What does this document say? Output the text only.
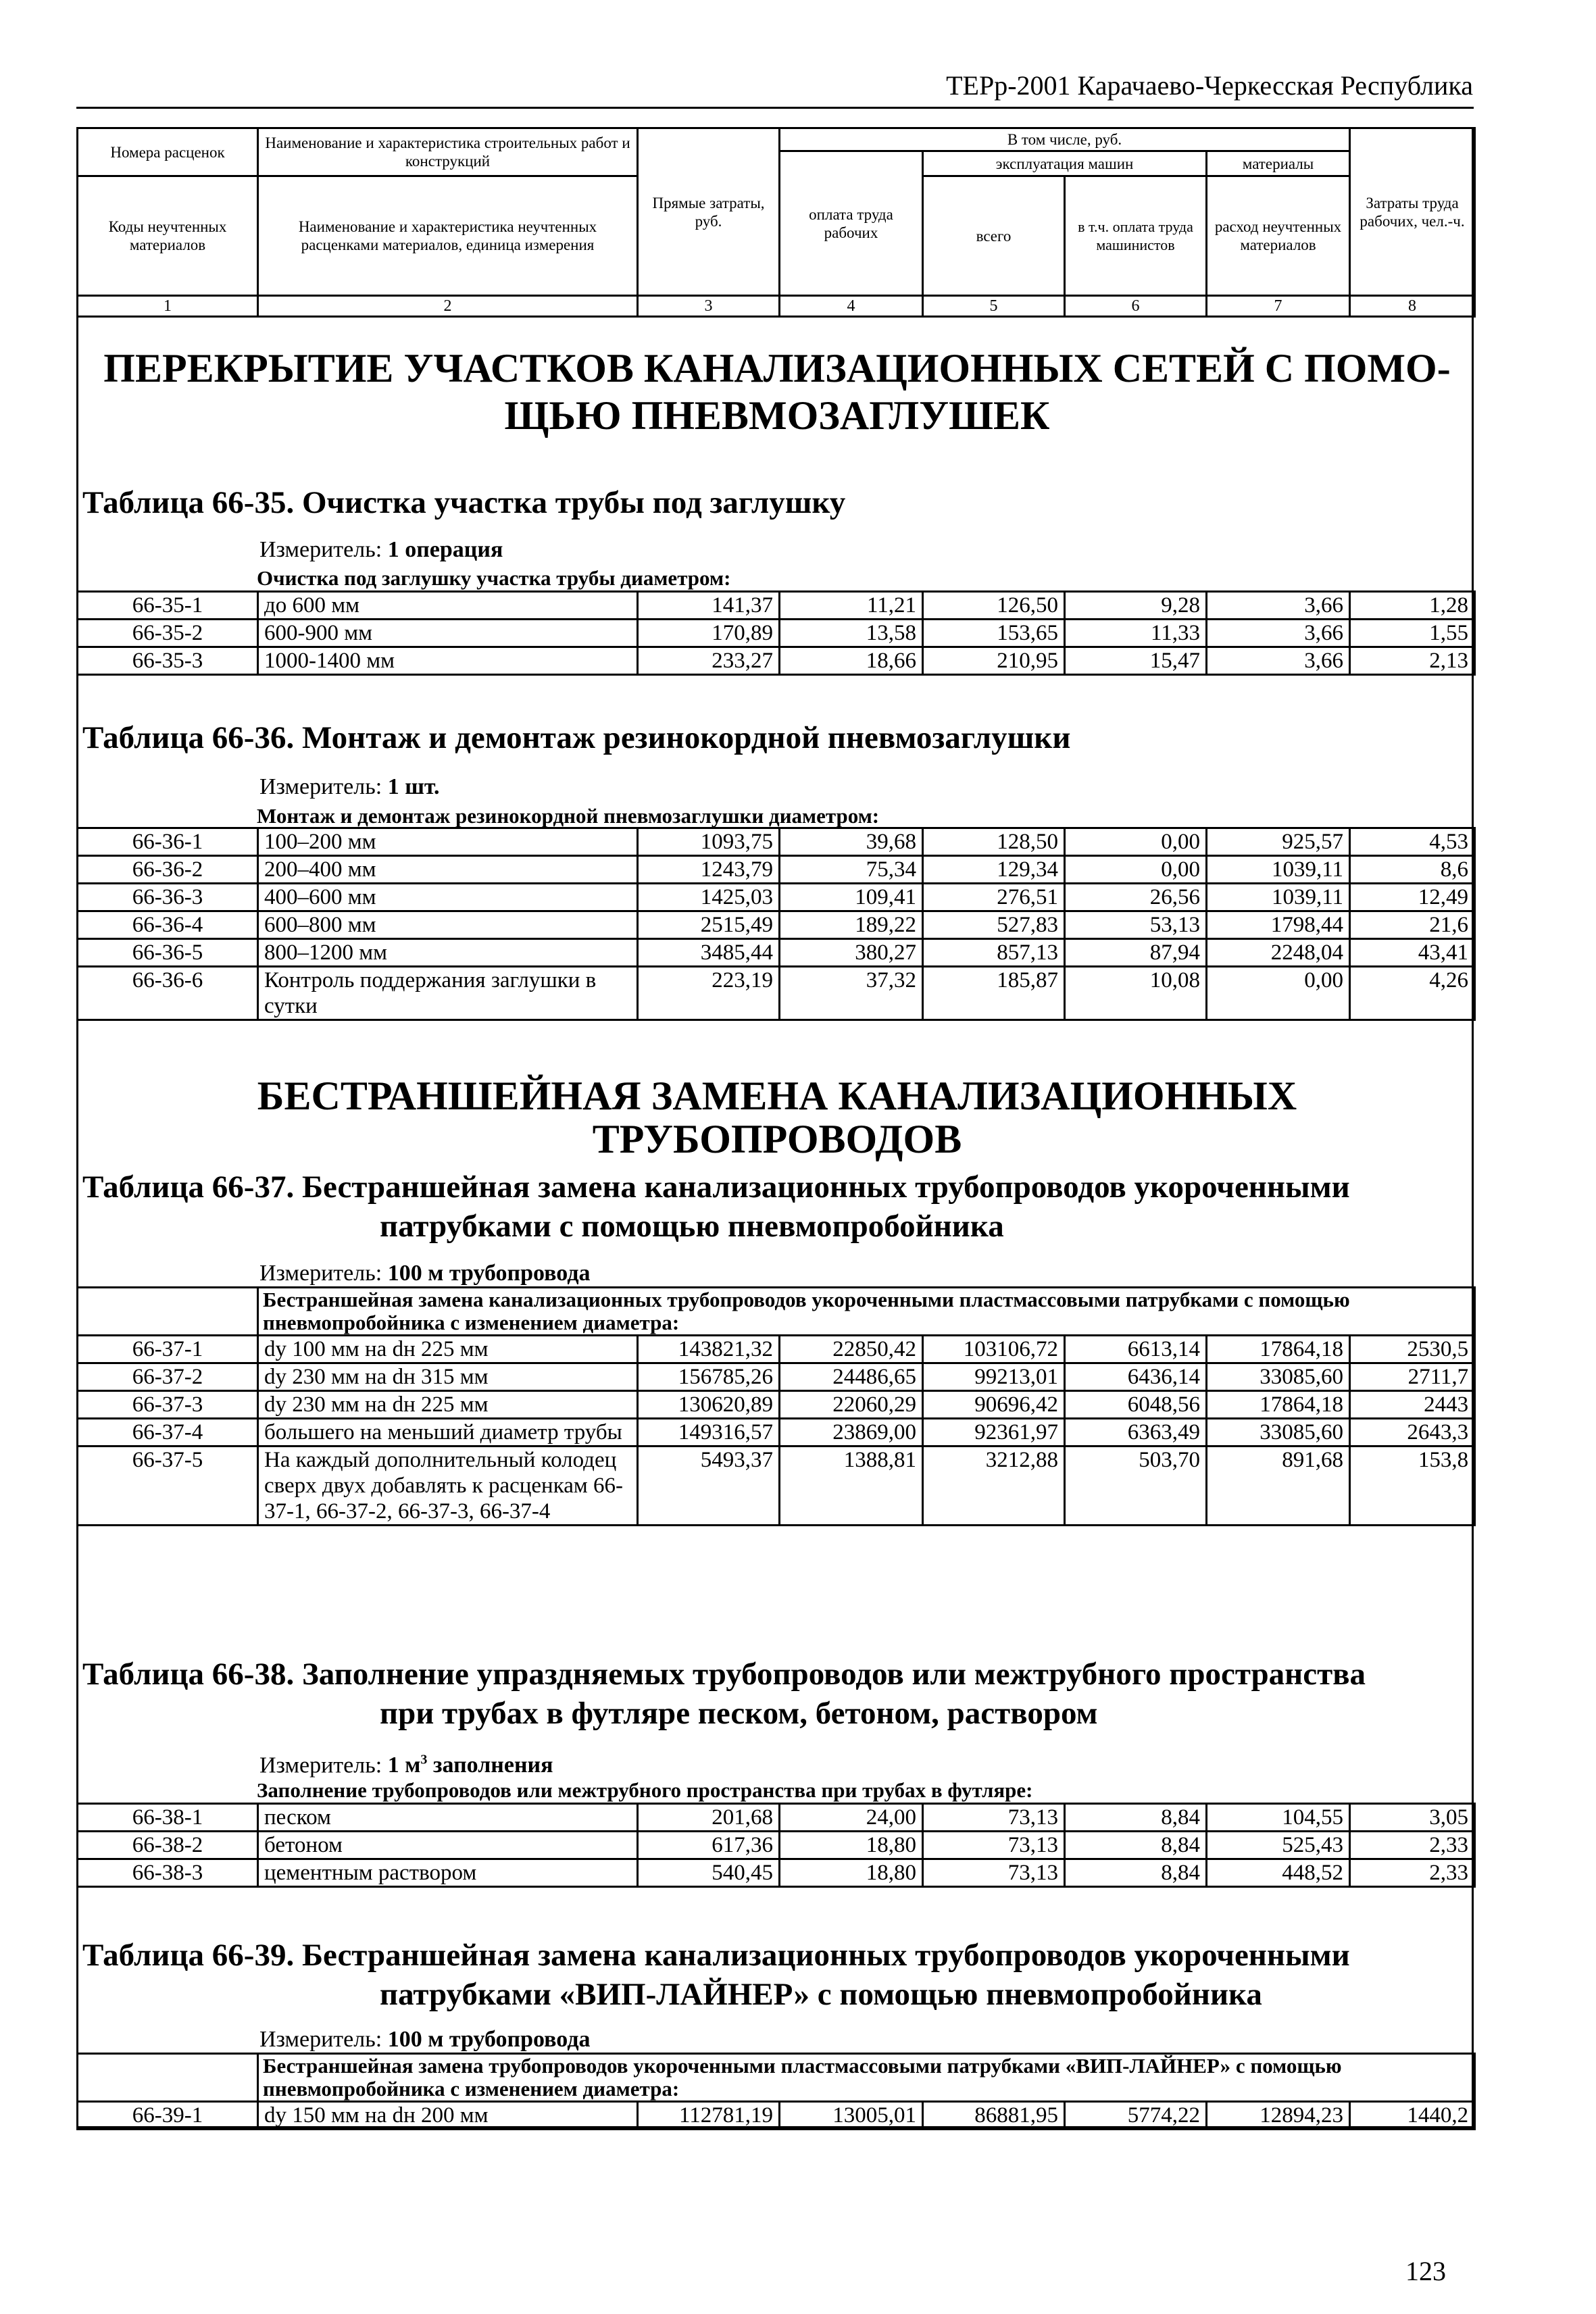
ТЕРр-2001 Карачаево-Черкесская Республика
Номера расценок	Наименование и характеристика строительных работ и конструкций	Прямые затраты, руб.	В том числе, руб.				Затраты труда рабочих, чел.-ч.
			оплата труда рабочих	эксплуатация машин		материалы	
Коды неучтенных материалов	Наименование и характеристика неучтенных расценками материалов, единица измерения			всего	в т.ч. оплата труда машинистов	расход неучтенных материалов	

1	2	3	4	5	6	7	8
ПЕРЕКРЫТИЕ УЧАСТКОВ КАНАЛИЗАЦИОННЫХ СЕТЕЙ С ПОМО-ЩЬЮ ПНЕВМОЗАГЛУШЕК
Таблица 66-35. Очистка участка трубы под заглушку
Измеритель: 1 операция
Очистка под заглушку участка трубы диаметром:
66-35-1	до 600 мм	141,37	11,21	126,50	9,28	3,66	1,28
66-35-2	600-900 мм	170,89	13,58	153,65	11,33	3,66	1,55
66-35-3	1000-1400 мм	233,27	18,66	210,95	15,47	3,66	2,13
Таблица 66-36. Монтаж и демонтаж резинокордной пневмозаглушки
Измеритель: 1 шт.
Монтаж и демонтаж резинокордной пневмозаглушки диаметром:
66-36-1	100–200 мм	1093,75	39,68	128,50	0,00	925,57	4,53
66-36-2	200–400 мм	1243,79	75,34	129,34	0,00	1039,11	8,6
66-36-3	400–600 мм	1425,03	109,41	276,51	26,56	1039,11	12,49
66-36-4	600–800 мм	2515,49	189,22	527,83	53,13	1798,44	21,6
66-36-5	800–1200 мм	3485,44	380,27	857,13	87,94	2248,04	43,41
66-36-6	Контроль поддержания заглушки в сутки	223,19	37,32	185,87	10,08	0,00	4,26
БЕСТРАНШЕЙНАЯ ЗАМЕНА КАНАЛИЗАЦИОННЫХ ТРУБОПРОВОДОВ
Таблица 66-37. Бестраншейная замена канализационных трубопроводов укороченными
патрубками с помощью пневмопробойника
Измеритель: 100 м трубопровода
	Бестраншейная замена канализационных трубопроводов укороченными пластмассовыми патрубками с помощью пневмопробойника с изменением диаметра:						
66-37-1	dу 100 мм на dн 225 мм	143821,32	22850,42	103106,72	6613,14	17864,18	2530,5
66-37-2	dу 230 мм на dн 315 мм	156785,26	24486,65	99213,01	6436,14	33085,60	2711,7
66-37-3	dу 230 мм на dн 225 мм	130620,89	22060,29	90696,42	6048,56	17864,18	2443
66-37-4	большего на меньший диаметр трубы	149316,57	23869,00	92361,97	6363,49	33085,60	2643,3
66-37-5	На каждый дополнительный колодец сверх двух добавлять к расценкам 66-37-1, 66-37-2, 66-37-3, 66-37-4	5493,37	1388,81	3212,88	503,70	891,68	153,8
Таблица 66-38. Заполнение упраздняемых трубопроводов или межтрубного пространства
при трубах в футляре песком, бетоном, раствором
Измеритель: 1 $м^3$ заполнения
Заполнение трубопроводов или межтрубного пространства при трубах в футляре:
66-38-1	песком	201,68	24,00	73,13	8,84	104,55	3,05
66-38-2	бетоном	617,36	18,80	73,13	8,84	525,43	2,33
66-38-3	цементным раствором	540,45	18,80	73,13	8,84	448,52	2,33
Таблица 66-39. Бестраншейная замена канализационных трубопроводов укороченными
патрубками «ВИП-ЛАЙНЕР» с помощью пневмопробойника
Измеритель: 100 м трубопровода
	Бестраншейная замена трубопроводов укороченными пластмассовыми патрубками «ВИП-ЛАЙНЕР» с помощью пневмопробойника с изменением диаметра:						
66-39-1	dу 150 мм на dн 200 мм	112781,19	13005,01	86881,95	5774,22	12894,23	1440,2
123
